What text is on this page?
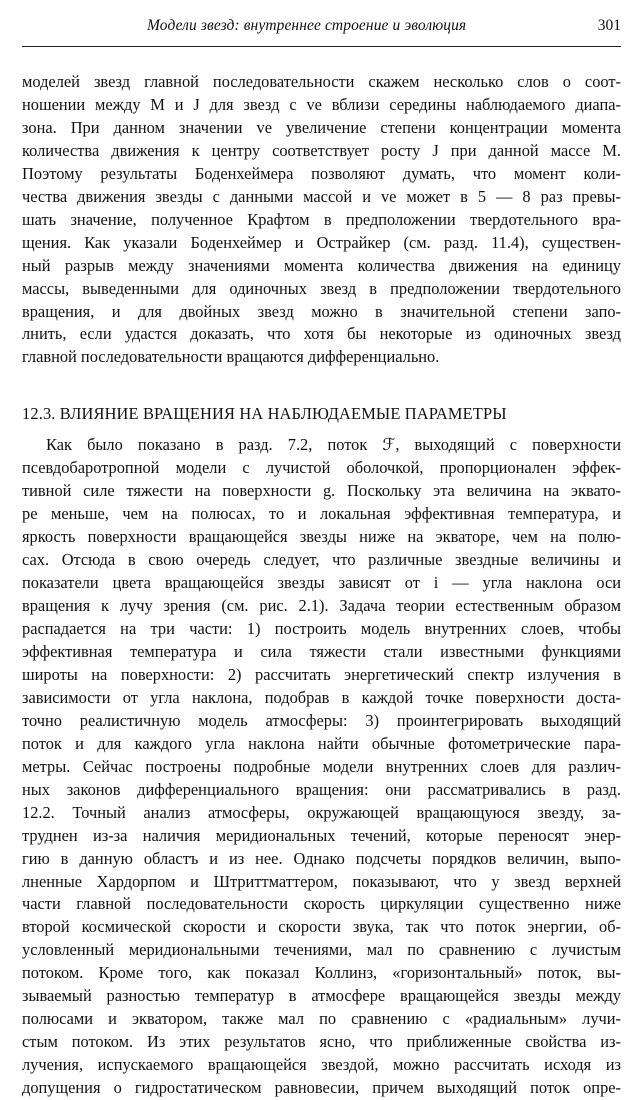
Модели звезд: внутреннее строение и эволюция	301
моделей звезд главной последовательности скажем несколько слов о соот-
ношении между M и J для звезд с ve вблизи середины наблюдаемого диапа-
зона. При данном значении ve увеличение степени концентрации момента
количества движения к центру соответствует росту J при данной массе M.
Поэтому результаты Боденхеймера позволяют думать, что момент коли-
чества движения звезды с данными массой и ve может в 5 — 8 раз превы-
шать значение, полученное Крафтом в предположении твердотельного вра-
щения. Как указали Боденхеймер и Острайкер (см. разд. 11.4), существен-
ный разрыв между значениями момента количества движения на единицу
массы, выведенными для одиночных звезд в предположении твердотельного
вращения, и для двойных звезд можно в значительной степени запо-
лнить, если удастся доказать, что хотя бы некоторые из одиночных звезд
главной последовательности вращаются дифференциально.
12.3. ВЛИЯНИЕ ВРАЩЕНИЯ НА НАБЛЮДАЕМЫЕ ПАРАМЕТРЫ
Как было показано в разд. 7.2, поток ℱ, выходящий с поверхности
псевдобаротропной модели с лучистой оболочкой, пропорционален эффек-
тивной силе тяжести на поверхности g. Поскольку эта величина на эквато-
ре меньше, чем на полюсах, то и локальная эффективная температура, и
яркость поверхности вращающейся звезды ниже на экваторе, чем на полю-
сах. Отсюда в свою очередь следует, что различные звездные величины и
показатели цвета вращающейся звезды зависят от i — угла наклона оси
вращения к лучу зрения (см. рис. 2.1). Задача теории естественным образом
распадается на три части: 1) построить модель внутренних слоев, чтобы
эффективная температура и сила тяжести стали известными функциями
широты на поверхности: 2) рассчитать энергетический спектр излучения в
зависимости от угла наклона, подобрав в каждой точке поверхности доста-
точно реалистичную модель атмосферы: 3) проинтегрировать выходящий
поток и для каждого угла наклона найти обычные фотометрические пара-
метры. Сейчас построены подробные модели внутренних слоев для различ-
ных законов дифференциального вращения: они рассматривались в разд.
12.2. Точный анализ атмосферы, окружающей вращающуюся звезду, за-
труднен из-за наличия меридиональных течений, которые переносят энер-
гию в данную областъ и из нее. Однако подсчеты порядков величин, выпо-
лненные Хардорпом и Штриттматтером, показывают, что у звезд верхней
части главной последовательности скорость циркуляции существенно ниже
второй космической скорости и скорости звука, так что поток энергии, об-
условленный меридиональными течениями, мал по сравнению с лучистым
потоком. Кроме того, как показал Коллинз, «горизонтальный» поток, вы-
зываемый разностью температур в атмосфере вращающейся звезды между
полюсами и экватором, также мал по сравнению с «радиальным» лучи-
стым потоком. Из этих результатов ясно, что приближенные свойства из-
лучения, испускаемого вращающейся звездой, можно рассчитать исходя из
допущения о гидростатическом равновесии, причем выходящий поток опре-
